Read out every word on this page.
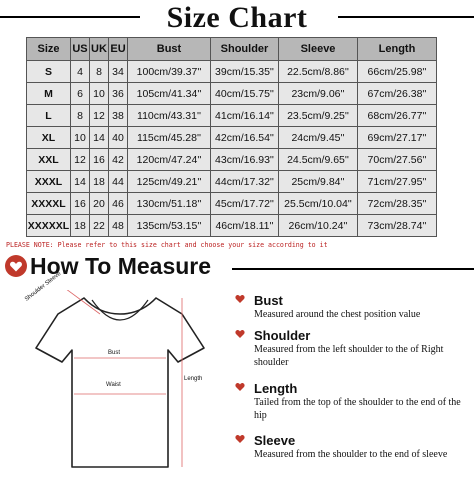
Size Chart
Size	US	UK	EU	Bust	Shoulder	Sleeve	Length
S	4	8	34	100cm/39.37''	39cm/15.35''	22.5cm/8.86''	66cm/25.98''
M	6	10	36	105cm/41.34''	40cm/15.75''	23cm/9.06''	67cm/26.38''
L	8	12	38	110cm/43.31''	41cm/16.14''	23.5cm/9.25''	68cm/26.77''
XL	10	14	40	115cm/45.28''	42cm/16.54''	24cm/9.45''	69cm/27.17''
XXL	12	16	42	120cm/47.24''	43cm/16.93''	24.5cm/9.65''	70cm/27.56''
XXXL	14	18	44	125cm/49.21''	44cm/17.32''	25cm/9.84''	71cm/27.95''
XXXXL	16	20	46	130cm/51.18''	45cm/17.72''	25.5cm/10.04''	72cm/28.35''
XXXXXL	18	22	48	135cm/53.15''	46cm/18.11''	26cm/10.24''	73cm/28.74''
PLEASE NOTE: Please refer to this size chart and choose your size according to it
How To Measure
Shoulder Sleeve
Bust
Waist
Length
Bust
Measured around the chest position value
Shoulder
Measured from the left shoulder to the of Right shoulder
Length
Tailed from the top of the shoulder to the end of the hip
Sleeve
Measured from the shoulder to the end of sleeve
